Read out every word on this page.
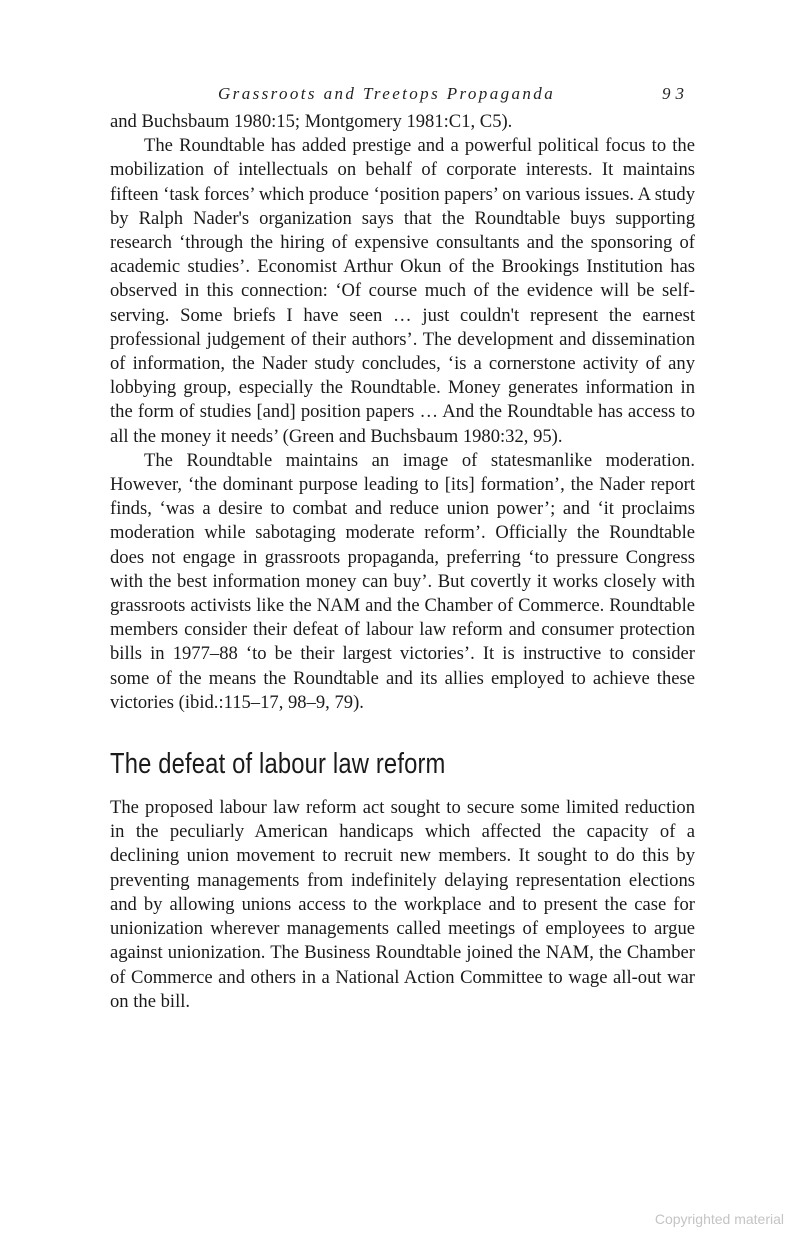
Grassroots and Treetops Propaganda	93

and Buchsbaum 1980:15; Montgomery 1981:C1, C5).

The Roundtable has added prestige and a powerful political focus to the mobilization of intellectuals on behalf of corporate interests. It maintains fifteen ‘task forces’ which produce ‘position papers’ on various issues. A study by Ralph Nader's organization says that the Roundtable buys supporting research ‘through the hiring of expensive consultants and the sponsoring of academic studies’. Economist Arthur Okun of the Brookings Institution has observed in this connection: ‘Of course much of the evidence will be self-serving. Some briefs I have seen … just couldn't represent the earnest professional judgement of their authors’. The development and dissemination of information, the Nader study concludes, ‘is a cornerstone activity of any lobbying group, especially the Roundtable. Money generates information in the form of studies [and] position papers … And the Roundtable has access to all the money it needs’ (Green and Buchsbaum 1980:32, 95).

The Roundtable maintains an image of statesmanlike moderation. However, ‘the dominant purpose leading to [its] formation’, the Nader report finds, ‘was a desire to combat and reduce union power’; and ‘it proclaims moderation while sabotaging moderate reform’. Officially the Roundtable does not engage in grassroots propaganda, preferring ‘to pressure Congress with the best information money can buy’. But covertly it works closely with grassroots activists like the NAM and the Chamber of Commerce. Roundtable members consider their defeat of labour law reform and consumer protection bills in 1977–88 ‘to be their largest victories’. It is instructive to consider some of the means the Roundtable and its allies employed to achieve these victories (ibid.:115–17, 98–9, 79).

The defeat of labour law reform

The proposed labour law reform act sought to secure some limited reduction in the peculiarly American handicaps which affected the capacity of a declining union movement to recruit new members. It sought to do this by preventing managements from indefinitely delaying representation elections and by allowing unions access to the workplace and to present the case for unionization wherever managements called meetings of employees to argue against unionization. The Business Roundtable joined the NAM, the Chamber of Commerce and others in a National Action Committee to wage all-out war on the bill.

Copyrighted material
